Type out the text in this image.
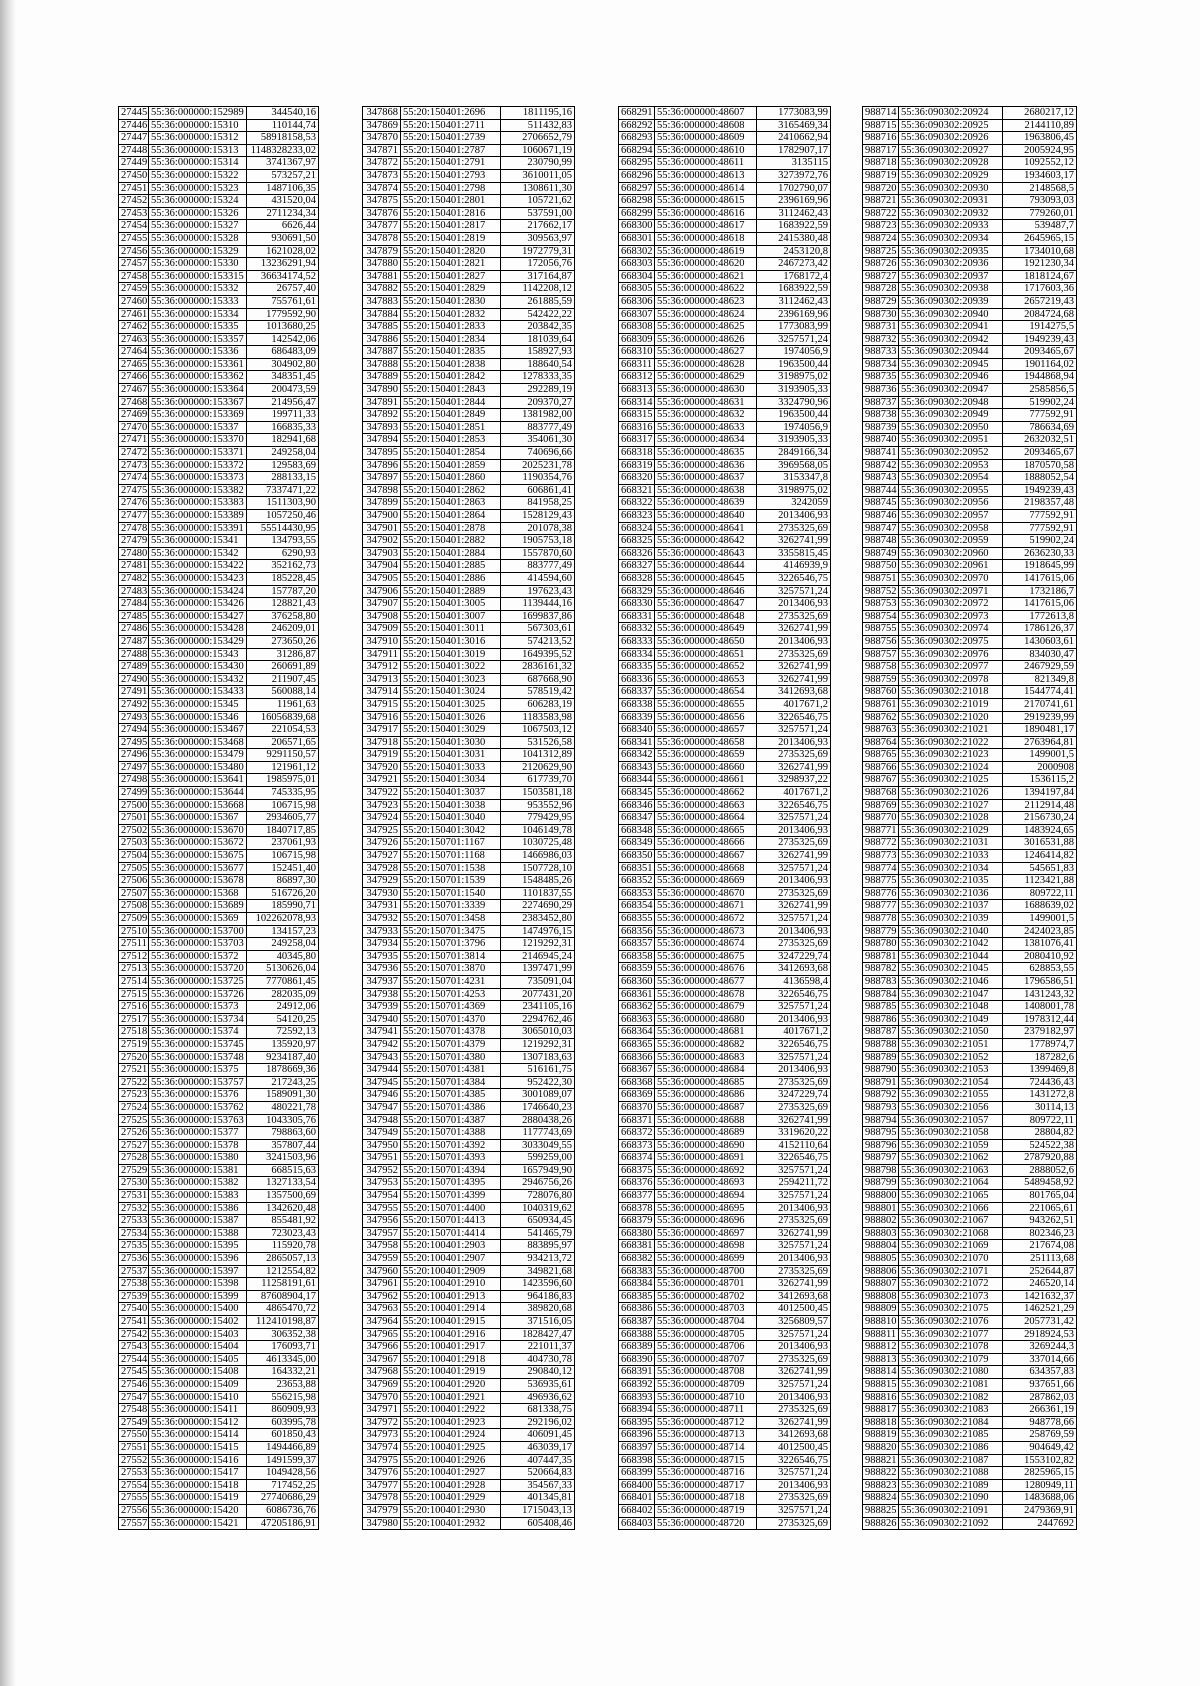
27445	55:36:000000:152989	344540,16
27446	55:36:000000:15310	110144,74
27447	55:36:000000:15312	58918158,53
27448	55:36:000000:15313	1148328233,02
27449	55:36:000000:15314	3741367,97
27450	55:36:000000:15322	573257,21
27451	55:36:000000:15323	1487106,35
27452	55:36:000000:15324	431520,04
27453	55:36:000000:15326	2711234,34
27454	55:36:000000:15327	6626,44
27455	55:36:000000:15328	930691,50
27456	55:36:000000:15329	1621028,02
27457	55:36:000000:15330	13236291,94
27458	55:36:000000:153315	36634174,52
27459	55:36:000000:15332	26757,40
27460	55:36:000000:15333	755761,61
27461	55:36:000000:15334	1779592,90
27462	55:36:000000:15335	1013680,25
27463	55:36:000000:153357	142542,06
27464	55:36:000000:15336	686483,09
27465	55:36:000000:153361	304902,80
27466	55:36:000000:153362	348351,45
27467	55:36:000000:153364	200473,59
27468	55:36:000000:153367	214956,47
27469	55:36:000000:153369	199711,33
27470	55:36:000000:15337	166835,33
27471	55:36:000000:153370	182941,68
27472	55:36:000000:153371	249258,04
27473	55:36:000000:153372	129583,69
27474	55:36:000000:153373	288133,15
27475	55:36:000000:153382	7337471,22
27476	55:36:000000:153383	1511303,90
27477	55:36:000000:153389	1057250,46
27478	55:36:000000:153391	55514430,95
27479	55:36:000000:15341	134793,55
27480	55:36:000000:15342	6290,93
27481	55:36:000000:153422	352162,73
27482	55:36:000000:153423	185228,45
27483	55:36:000000:153424	157787,20
27484	55:36:000000:153426	128821,43
27485	55:36:000000:153427	376258,80
27486	55:36:000000:153428	246209,01
27487	55:36:000000:153429	273650,26
27488	55:36:000000:15343	31286,87
27489	55:36:000000:153430	260691,89
27490	55:36:000000:153432	211907,45
27491	55:36:000000:153433	560088,14
27492	55:36:000000:15345	11961,63
27493	55:36:000000:15346	16056839,68
27494	55:36:000000:153467	221054,53
27495	55:36:000000:153468	206571,65
27496	55:36:000000:153479	9291150,57
27497	55:36:000000:153480	121961,12
27498	55:36:000000:153641	1985975,01
27499	55:36:000000:153644	745335,95
27500	55:36:000000:153668	106715,98
27501	55:36:000000:15367	2934605,77
27502	55:36:000000:153670	1840717,85
27503	55:36:000000:153672	237061,93
27504	55:36:000000:153675	106715,98
27505	55:36:000000:153677	152451,40
27506	55:36:000000:153678	86897,30
27507	55:36:000000:15368	516726,20
27508	55:36:000000:153689	185990,71
27509	55:36:000000:15369	102262078,93
27510	55:36:000000:153700	134157,23
27511	55:36:000000:153703	249258,04
27512	55:36:000000:15372	40345,80
27513	55:36:000000:153720	5130626,04
27514	55:36:000000:153725	7770861,45
27515	55:36:000000:153726	282035,09
27516	55:36:000000:15373	24912,06
27517	55:36:000000:153734	54120,25
27518	55:36:000000:15374	72592,13
27519	55:36:000000:153745	135920,97
27520	55:36:000000:153748	9234187,40
27521	55:36:000000:15375	1878669,36
27522	55:36:000000:153757	217243,25
27523	55:36:000000:15376	1589091,30
27524	55:36:000000:153762	480221,78
27525	55:36:000000:153763	1043305,76
27526	55:36:000000:15377	798863,60
27527	55:36:000000:15378	357807,44
27528	55:36:000000:15380	3241503,96
27529	55:36:000000:15381	668515,63
27530	55:36:000000:15382	1327133,54
27531	55:36:000000:15383	1357500,69
27532	55:36:000000:15386	1342620,48
27533	55:36:000000:15387	855481,92
27534	55:36:000000:15388	723023,43
27535	55:36:000000:15395	115920,78
27536	55:36:000000:15396	2865057,13
27537	55:36:000000:15397	1212554,82
27538	55:36:000000:15398	11258191,61
27539	55:36:000000:15399	87608904,17
27540	55:36:000000:15400	4865470,72
27541	55:36:000000:15402	112410198,87
27542	55:36:000000:15403	306352,38
27543	55:36:000000:15404	176093,71
27544	55:36:000000:15405	4613345,00
27545	55:36:000000:15408	164332,21
27546	55:36:000000:15409	23653,88
27547	55:36:000000:15410	556215,98
27548	55:36:000000:15411	860909,93
27549	55:36:000000:15412	603995,78
27550	55:36:000000:15414	601850,43
27551	55:36:000000:15415	1494466,89
27552	55:36:000000:15416	1491599,37
27553	55:36:000000:15417	1049428,56
27554	55:36:000000:15418	717452,25
27555	55:36:000000:15419	27740686,29
27556	55:36:000000:15420	6086736,76
27557	55:36:000000:15421	47205186,91
347868	55:20:150401:2696	1811195,16
347869	55:20:150401:2711	511432,83
347870	55:20:150401:2739	2706652,79
347871	55:20:150401:2787	1060671,19
347872	55:20:150401:2791	230790,99
347873	55:20:150401:2793	3610011,05
347874	55:20:150401:2798	1308611,30
347875	55:20:150401:2801	105721,62
347876	55:20:150401:2816	537591,00
347877	55:20:150401:2817	217662,17
347878	55:20:150401:2819	309563,97
347879	55:20:150401:2820	1972779,31
347880	55:20:150401:2821	172056,76
347881	55:20:150401:2827	317164,87
347882	55:20:150401:2829	1142208,12
347883	55:20:150401:2830	261885,59
347884	55:20:150401:2832	542422,22
347885	55:20:150401:2833	203842,35
347886	55:20:150401:2834	181039,64
347887	55:20:150401:2835	158927,93
347888	55:20:150401:2838	188640,54
347889	55:20:150401:2842	1278333,35
347890	55:20:150401:2843	292289,19
347891	55:20:150401:2844	209370,27
347892	55:20:150401:2849	1381982,00
347893	55:20:150401:2851	883777,49
347894	55:20:150401:2853	354061,30
347895	55:20:150401:2854	740696,66
347896	55:20:150401:2859	2025231,78
347897	55:20:150401:2860	1190354,76
347898	55:20:150401:2862	606861,41
347899	55:20:150401:2863	841958,25
347900	55:20:150401:2864	1528129,43
347901	55:20:150401:2878	201078,38
347902	55:20:150401:2882	1905753,18
347903	55:20:150401:2884	1557870,60
347904	55:20:150401:2885	883777,49
347905	55:20:150401:2886	414594,60
347906	55:20:150401:2889	197623,43
347907	55:20:150401:3005	1139444,16
347908	55:20:150401:3007	1699837,86
347909	55:20:150401:3011	567303,61
347910	55:20:150401:3016	574213,52
347911	55:20:150401:3019	1649395,52
347912	55:20:150401:3022	2836161,32
347913	55:20:150401:3023	687668,90
347914	55:20:150401:3024	578519,42
347915	55:20:150401:3025	606283,19
347916	55:20:150401:3026	1183583,98
347917	55:20:150401:3029	1067503,12
347918	55:20:150401:3030	531526,58
347919	55:20:150401:3031	1041312,89
347920	55:20:150401:3033	2120629,90
347921	55:20:150401:3034	617739,70
347922	55:20:150401:3037	1503581,18
347923	55:20:150401:3038	953552,96
347924	55:20:150401:3040	779429,95
347925	55:20:150401:3042	1046149,78
347926	55:20:150701:1167	1030725,48
347927	55:20:150701:1168	1466986,03
347928	55:20:150701:1538	1507728,10
347929	55:20:150701:1539	1548485,26
347930	55:20:150701:1540	1101837,55
347931	55:20:150701:3339	2274690,29
347932	55:20:150701:3458	2383452,80
347933	55:20:150701:3475	1474976,15
347934	55:20:150701:3796	1219292,31
347935	55:20:150701:3814	2146945,24
347936	55:20:150701:3870	1397471,99
347937	55:20:150701:4231	735091,04
347938	55:20:150701:4253	2077431,20
347939	55:20:150701:4369	2341105,16
347940	55:20:150701:4370	2294762,46
347941	55:20:150701:4378	3065010,03
347942	55:20:150701:4379	1219292,31
347943	55:20:150701:4380	1307183,63
347944	55:20:150701:4381	516161,75
347945	55:20:150701:4384	952422,30
347946	55:20:150701:4385	3001089,07
347947	55:20:150701:4386	1746640,23
347948	55:20:150701:4387	2880438,26
347949	55:20:150701:4388	1177743,69
347950	55:20:150701:4392	3033049,55
347951	55:20:150701:4393	599259,00
347952	55:20:150701:4394	1657949,90
347953	55:20:150701:4395	2946756,26
347954	55:20:150701:4399	728076,80
347955	55:20:150701:4400	1040319,62
347956	55:20:150701:4413	650934,45
347957	55:20:150701:4414	541465,79
347958	55:20:100401:2903	883895,97
347959	55:20:100401:2907	934213,72
347960	55:20:100401:2909	349821,68
347961	55:20:100401:2910	1423596,60
347962	55:20:100401:2913	964186,83
347963	55:20:100401:2914	389820,68
347964	55:20:100401:2915	371516,05
347965	55:20:100401:2916	1828427,47
347966	55:20:100401:2917	221011,37
347967	55:20:100401:2918	404730,78
347968	55:20:100401:2919	290840,12
347969	55:20:100401:2920	536935,61
347970	55:20:100401:2921	496936,62
347971	55:20:100401:2922	681338,75
347972	55:20:100401:2923	292196,02
347973	55:20:100401:2924	406091,45
347974	55:20:100401:2925	463039,17
347975	55:20:100401:2926	407447,35
347976	55:20:100401:2927	520664,83
347977	55:20:100401:2928	354567,33
347978	55:20:100401:2929	401345,81
347979	55:20:100401:2930	1715043,13
347980	55:20:100401:2932	605408,46
668291	55:36:000000:48607	1773083,99
668292	55:36:000000:48608	3165469,34
668293	55:36:000000:48609	2410662,94
668294	55:36:000000:48610	1782907,17
668295	55:36:000000:48611	3135115
668296	55:36:000000:48613	3273972,76
668297	55:36:000000:48614	1702790,07
668298	55:36:000000:48615	2396169,96
668299	55:36:000000:48616	3112462,43
668300	55:36:000000:48617	1683922,59
668301	55:36:000000:48618	2415380,48
668302	55:36:000000:48619	2453120,8
668303	55:36:000000:48620	2467273,42
668304	55:36:000000:48621	1768172,4
668305	55:36:000000:48622	1683922,59
668306	55:36:000000:48623	3112462,43
668307	55:36:000000:48624	2396169,96
668308	55:36:000000:48625	1773083,99
668309	55:36:000000:48626	3257571,24
668310	55:36:000000:48627	1974056,9
668311	55:36:000000:48628	1963500,44
668312	55:36:000000:48629	3198975,02
668313	55:36:000000:48630	3193905,33
668314	55:36:000000:48631	3324790,96
668315	55:36:000000:48632	1963500,44
668316	55:36:000000:48633	1974056,9
668317	55:36:000000:48634	3193905,33
668318	55:36:000000:48635	2849166,34
668319	55:36:000000:48636	3969568,05
668320	55:36:000000:48637	3153347,8
668321	55:36:000000:48638	3198975,02
668322	55:36:000000:48639	3242059
668323	55:36:000000:48640	2013406,93
668324	55:36:000000:48641	2735325,69
668325	55:36:000000:48642	3262741,99
668326	55:36:000000:48643	3355815,45
668327	55:36:000000:48644	4146939,9
668328	55:36:000000:48645	3226546,75
668329	55:36:000000:48646	3257571,24
668330	55:36:000000:48647	2013406,93
668331	55:36:000000:48648	2735325,69
668332	55:36:000000:48649	3262741,99
668333	55:36:000000:48650	2013406,93
668334	55:36:000000:48651	2735325,69
668335	55:36:000000:48652	3262741,99
668336	55:36:000000:48653	3262741,99
668337	55:36:000000:48654	3412693,68
668338	55:36:000000:48655	4017671,2
668339	55:36:000000:48656	3226546,75
668340	55:36:000000:48657	3257571,24
668341	55:36:000000:48658	2013406,93
668342	55:36:000000:48659	2735325,69
668343	55:36:000000:48660	3262741,99
668344	55:36:000000:48661	3298937,22
668345	55:36:000000:48662	4017671,2
668346	55:36:000000:48663	3226546,75
668347	55:36:000000:48664	3257571,24
668348	55:36:000000:48665	2013406,93
668349	55:36:000000:48666	2735325,69
668350	55:36:000000:48667	3262741,99
668351	55:36:000000:48668	3257571,24
668352	55:36:000000:48669	2013406,93
668353	55:36:000000:48670	2735325,69
668354	55:36:000000:48671	3262741,99
668355	55:36:000000:48672	3257571,24
668356	55:36:000000:48673	2013406,93
668357	55:36:000000:48674	2735325,69
668358	55:36:000000:48675	3247229,74
668359	55:36:000000:48676	3412693,68
668360	55:36:000000:48677	4136598,4
668361	55:36:000000:48678	3226546,75
668362	55:36:000000:48679	3257571,24
668363	55:36:000000:48680	2013406,93
668364	55:36:000000:48681	4017671,2
668365	55:36:000000:48682	3226546,75
668366	55:36:000000:48683	3257571,24
668367	55:36:000000:48684	2013406,93
668368	55:36:000000:48685	2735325,69
668369	55:36:000000:48686	3247229,74
668370	55:36:000000:48687	2735325,69
668371	55:36:000000:48688	3262741,99
668372	55:36:000000:48689	3319620,22
668373	55:36:000000:48690	4152110,64
668374	55:36:000000:48691	3226546,75
668375	55:36:000000:48692	3257571,24
668376	55:36:000000:48693	2594211,72
668377	55:36:000000:48694	3257571,24
668378	55:36:000000:48695	2013406,93
668379	55:36:000000:48696	2735325,69
668380	55:36:000000:48697	3262741,99
668381	55:36:000000:48698	3257571,24
668382	55:36:000000:48699	2013406,93
668383	55:36:000000:48700	2735325,69
668384	55:36:000000:48701	3262741,99
668385	55:36:000000:48702	3412693,68
668386	55:36:000000:48703	4012500,45
668387	55:36:000000:48704	3256809,57
668388	55:36:000000:48705	3257571,24
668389	55:36:000000:48706	2013406,93
668390	55:36:000000:48707	2735325,69
668391	55:36:000000:48708	3262741,99
668392	55:36:000000:48709	3257571,24
668393	55:36:000000:48710	2013406,93
668394	55:36:000000:48711	2735325,69
668395	55:36:000000:48712	3262741,99
668396	55:36:000000:48713	3412693,68
668397	55:36:000000:48714	4012500,45
668398	55:36:000000:48715	3226546,75
668399	55:36:000000:48716	3257571,24
668400	55:36:000000:48717	2013406,93
668401	55:36:000000:48718	2735325,69
668402	55:36:000000:48719	3257571,24
668403	55:36:000000:48720	2735325,69
988714	55:36:090302:20924	2680217,12
988715	55:36:090302:20925	2144110,89
988716	55:36:090302:20926	1963806,45
988717	55:36:090302:20927	2005924,95
988718	55:36:090302:20928	1092552,12
988719	55:36:090302:20929	1934603,17
988720	55:36:090302:20930	2148568,5
988721	55:36:090302:20931	793093,03
988722	55:36:090302:20932	779260,01
988723	55:36:090302:20933	539487,7
988724	55:36:090302:20934	2645965,15
988725	55:36:090302:20935	1734010,68
988726	55:36:090302:20936	1921230,34
988727	55:36:090302:20937	1818124,67
988728	55:36:090302:20938	1717603,36
988729	55:36:090302:20939	2657219,43
988730	55:36:090302:20940	2084724,68
988731	55:36:090302:20941	1914275,5
988732	55:36:090302:20942	1949239,43
988733	55:36:090302:20944	2093465,67
988734	55:36:090302:20945	1901164,02
988735	55:36:090302:20946	1944868,94
988736	55:36:090302:20947	2585856,5
988737	55:36:090302:20948	519902,24
988738	55:36:090302:20949	777592,91
988739	55:36:090302:20950	786634,69
988740	55:36:090302:20951	2632032,51
988741	55:36:090302:20952	2093465,67
988742	55:36:090302:20953	1870570,58
988743	55:36:090302:20954	1888052,54
988744	55:36:090302:20955	1949239,43
988745	55:36:090302:20956	2198357,48
988746	55:36:090302:20957	777592,91
988747	55:36:090302:20958	777592,91
988748	55:36:090302:20959	519902,24
988749	55:36:090302:20960	2636230,33
988750	55:36:090302:20961	1918645,99
988751	55:36:090302:20970	1417615,06
988752	55:36:090302:20971	1732186,7
988753	55:36:090302:20972	1417615,06
988754	55:36:090302:20973	1772613,8
988755	55:36:090302:20974	1786126,37
988756	55:36:090302:20975	1430603,61
988757	55:36:090302:20976	834030,47
988758	55:36:090302:20977	2467929,59
988759	55:36:090302:20978	821349,8
988760	55:36:090302:21018	1544774,41
988761	55:36:090302:21019	2170741,61
988762	55:36:090302:21020	2919239,99
988763	55:36:090302:21021	1890481,17
988764	55:36:090302:21022	2763964,81
988765	55:36:090302:21023	1499001,5
988766	55:36:090302:21024	2000908
988767	55:36:090302:21025	1536115,2
988768	55:36:090302:21026	1394197,84
988769	55:36:090302:21027	2112914,48
988770	55:36:090302:21028	2156730,24
988771	55:36:090302:21029	1483924,65
988772	55:36:090302:21031	3016531,88
988773	55:36:090302:21033	1246414,82
988774	55:36:090302:21034	545651,83
988775	55:36:090302:21035	1123421,88
988776	55:36:090302:21036	809722,11
988777	55:36:090302:21037	1688639,02
988778	55:36:090302:21039	1499001,5
988779	55:36:090302:21040	2424023,85
988780	55:36:090302:21042	1381076,41
988781	55:36:090302:21044	2080410,92
988782	55:36:090302:21045	628853,55
988783	55:36:090302:21046	1796586,51
988784	55:36:090302:21047	1431243,32
988785	55:36:090302:21048	1408001,78
988786	55:36:090302:21049	1978312,44
988787	55:36:090302:21050	2379182,97
988788	55:36:090302:21051	1778974,7
988789	55:36:090302:21052	187282,6
988790	55:36:090302:21053	1399469,8
988791	55:36:090302:21054	724436,43
988792	55:36:090302:21055	1431272,8
988793	55:36:090302:21056	30114,13
988794	55:36:090302:21057	809722,11
988795	55:36:090302:21058	28804,82
988796	55:36:090302:21059	524522,38
988797	55:36:090302:21062	2787920,88
988798	55:36:090302:21063	2888052,6
988799	55:36:090302:21064	5489458,92
988800	55:36:090302:21065	801765,04
988801	55:36:090302:21066	221065,61
988802	55:36:090302:21067	943262,51
988803	55:36:090302:21068	802346,23
988804	55:36:090302:21069	217674,08
988805	55:36:090302:21070	251113,68
988806	55:36:090302:21071	252644,87
988807	55:36:090302:21072	246520,14
988808	55:36:090302:21073	1421632,37
988809	55:36:090302:21075	1462521,29
988810	55:36:090302:21076	2057731,42
988811	55:36:090302:21077	2918924,53
988812	55:36:090302:21078	3269244,3
988813	55:36:090302:21079	337014,66
988814	55:36:090302:21080	634357,83
988815	55:36:090302:21081	937651,66
988816	55:36:090302:21082	287862,03
988817	55:36:090302:21083	266361,19
988818	55:36:090302:21084	948778,66
988819	55:36:090302:21085	258769,59
988820	55:36:090302:21086	904649,42
988821	55:36:090302:21087	1553102,82
988822	55:36:090302:21088	2825965,15
988823	55:36:090302:21089	1280949,11
988824	55:36:090302:21090	1483688,06
988825	55:36:090302:21091	2479369,91
988826	55:36:090302:21092	2447692
